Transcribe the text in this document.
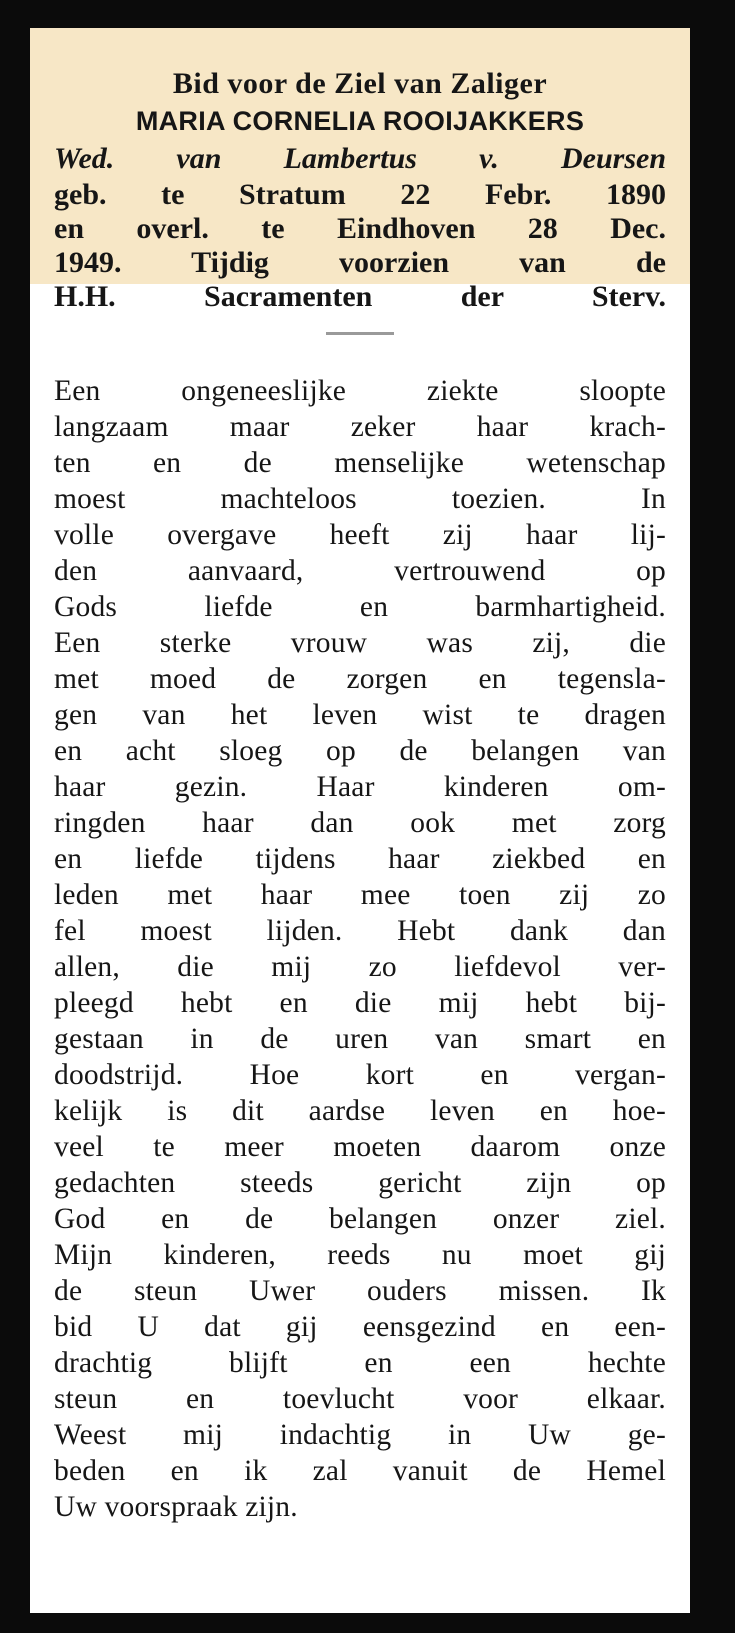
Bid voor de Ziel van Zaliger
MARIA CORNELIA ROOIJAKKERS
Wed. van Lambertus v. Deursen
geb. te Stratum 22 Febr. 1890
en overl. te Eindhoven 28 Dec.
1949. Tijdig voorzien van de
H.H. Sacramenten der Sterv.
Een ongeneeslijke ziekte sloopte
langzaam maar zeker haar krach-
ten en de menselijke wetenschap
moest machteloos toezien. In
volle overgave heeft zij haar lij-
den aanvaard, vertrouwend op
Gods liefde en barmhartigheid.
Een sterke vrouw was zij, die
met moed de zorgen en tegensla-
gen van het leven wist te dragen
en acht sloeg op de belangen van
haar gezin. Haar kinderen om-
ringden haar dan ook met zorg
en liefde tijdens haar ziekbed en
leden met haar mee toen zij zo
fel moest lijden. Hebt dank dan
allen, die mij zo liefdevol ver-
pleegd hebt en die mij hebt bij-
gestaan in de uren van smart en
doodstrijd. Hoe kort en vergan-
kelijk is dit aardse leven en hoe-
veel te meer moeten daarom onze
gedachten steeds gericht zijn op
God en de belangen onzer ziel.
Mijn kinderen, reeds nu moet gij
de steun Uwer ouders missen. Ik
bid U dat gij eensgezind en een-
drachtig blijft en een hechte
steun en toevlucht voor elkaar.
Weest mij indachtig in Uw ge-
beden en ik zal vanuit de Hemel
Uw voorspraak zijn.
